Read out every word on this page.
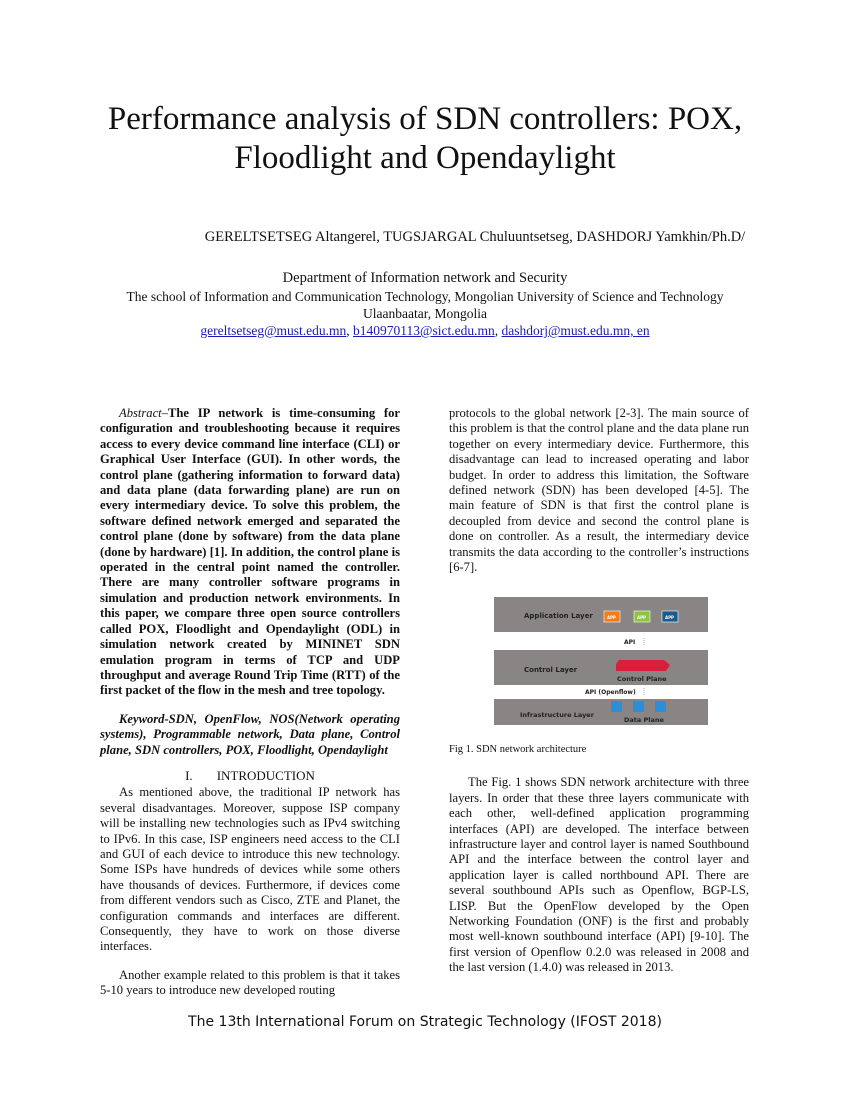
Performance analysis of SDN controllers: POX,
Floodlight and Opendaylight
GERELTSETSEG Altangerel, TUGSJARGAL Chuluuntsetseg, DASHDORJ Yamkhin/Ph.D/
Department of Information network and Security
The school of Information and Communication Technology, Mongolian University of Science and Technology
Ulaanbaatar, Mongolia
gereltsetseg@must.edu.mn, b140970113@sict.edu.mn, dashdorj@must.edu.mn, en

Abstract–The IP network is time-consuming for configuration and troubleshooting because it requires access to every device command line interface (CLI) or Graphical User Interface (GUI). In other words, the control plane (gathering information to forward data) and data plane (data forwarding plane) are run on every intermediary device. To solve this problem, the software defined network emerged and separated the control plane (done by software) from the data plane (done by hardware) [1]. In addition, the control plane is operated in the central point named the controller. There are many controller software programs in simulation and production network environments. In this paper, we compare three open source controllers called POX, Floodlight and Opendaylight (ODL) in simulation network created by MININET SDN emulation program in terms of TCP and UDP throughput and average Round Trip Time (RTT) of the first packet of the flow in the mesh and tree topology.

Keyword-SDN, OpenFlow, NOS(Network operating systems), Programmable network, Data plane, Control plane, SDN controllers, POX, Floodlight, Opendaylight

I. INTRODUCTION

As mentioned above, the traditional IP network has several disadvantages. Moreover, suppose ISP company will be installing new technologies such as IPv4 switching to IPv6. In this case, ISP engineers need access to the CLI and GUI of each device to introduce this new technology. Some ISPs have hundreds of devices while some others have thousands of devices. Furthermore, if devices come from different vendors such as Cisco, ZTE and Planet, the configuration commands and interfaces are different. Consequently, they have to work on those diverse interfaces.

Another example related to this problem is that it takes 5-10 years to introduce new developed routing

protocols to the global network [2-3]. The main source of this problem is that the control plane and the data plane run together on every intermediary device. Furthermore, this disadvantage can lead to increased operating and labor budget. In order to address this limitation, the Software defined network (SDN) has been developed [4-5]. The main feature of SDN is that first the control plane is decoupled from device and second the control plane is done on controller. As a result, the intermediary device transmits the data according to the controller’s instructions [6-7].

Application Layer	APP	APP	APP
API
Control Layer
Control Plane
API (Openflow)
Infrastructure Layer
Data Plane
Fig 1. SDN network architecture

The Fig. 1 shows SDN network architecture with three layers. In order that these three layers communicate with each other, well-defined application programming interfaces (API) are developed. The interface between infrastructure layer and control layer is named Southbound API and the interface between the control layer and application layer is called northbound API. There are several southbound APIs such as Openflow, BGP-LS, LISP. But the OpenFlow developed by the Open Networking Foundation (ONF) is the first and probably most well-known southbound interface (API) [9-10]. The first version of Openflow 0.2.0 was released in 2008 and the last version (1.4.0) was released in 2013.

The 13th International Forum on Strategic Technology (IFOST 2018)
